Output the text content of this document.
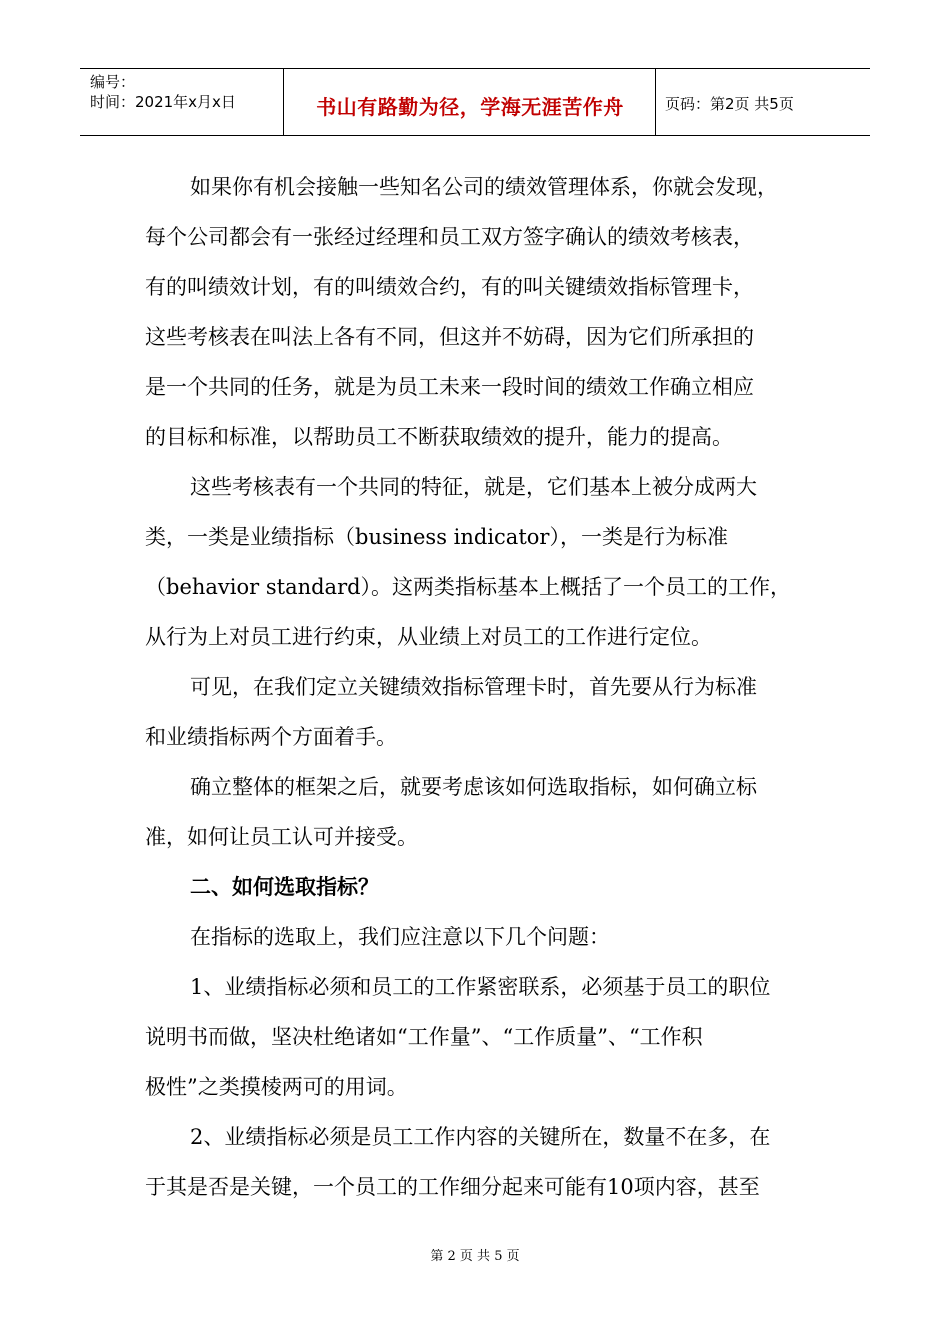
编号：
时间：2021年x月x日	书山有路勤为径，学海无涯苦作舟	页码：第2页 共5页
如果你有机会接触一些知名公司的绩效管理体系，你就会发现，
每个公司都会有一张经过经理和员工双方签字确认的绩效考核表，
有的叫绩效计划，有的叫绩效合约，有的叫关键绩效指标管理卡，
这些考核表在叫法上各有不同，但这并不妨碍，因为它们所承担的
是一个共同的任务，就是为员工未来一段时间的绩效工作确立相应
的目标和标准，以帮助员工不断获取绩效的提升，能力的提高。
这些考核表有一个共同的特征，就是，它们基本上被分成两大
类，一类是业绩指标（business indicator），一类是行为标准
（behavior standard）。这两类指标基本上概括了一个员工的工作，
从行为上对员工进行约束，从业绩上对员工的工作进行定位。
可见，在我们定立关键绩效指标管理卡时，首先要从行为标准
和业绩指标两个方面着手。
确立整体的框架之后，就要考虑该如何选取指标，如何确立标
准，如何让员工认可并接受。
二、如何选取指标？
在指标的选取上，我们应注意以下几个问题：
1、业绩指标必须和员工的工作紧密联系，必须基于员工的职位
说明书而做，坚决杜绝诸如“工作量”、“工作质量”、“工作积
极性”之类摸棱两可的用词。
2、业绩指标必须是员工工作内容的关键所在，数量不在多，在
于其是否是关键，一个员工的工作细分起来可能有10项内容，甚至
第 2 页 共 5 页
